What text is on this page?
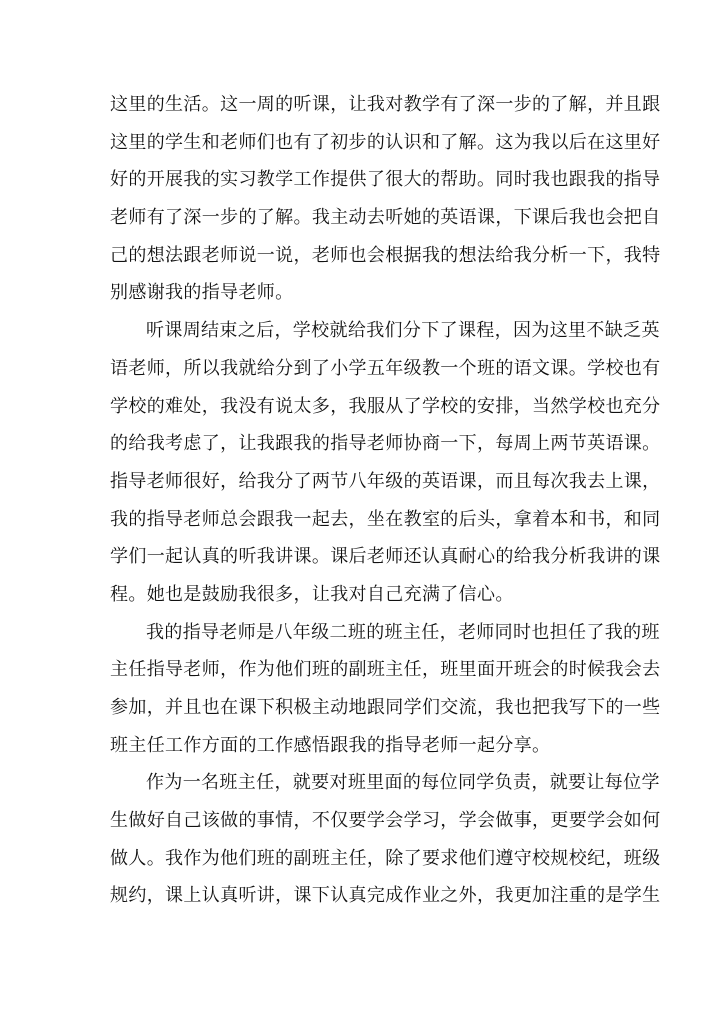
这里的生活。这一周的听课，让我对教学有了深一步的了解，并且跟
这里的学生和老师们也有了初步的认识和了解。这为我以后在这里好
好的开展我的实习教学工作提供了很大的帮助。同时我也跟我的指导
老师有了深一步的了解。我主动去听她的英语课，下课后我也会把自
己的想法跟老师说一说，老师也会根据我的想法给我分析一下，我特
别感谢我的指导老师。
听课周结束之后，学校就给我们分下了课程，因为这里不缺乏英
语老师，所以我就给分到了小学五年级教一个班的语文课。学校也有
学校的难处，我没有说太多，我服从了学校的安排，当然学校也充分
的给我考虑了，让我跟我的指导老师协商一下，每周上两节英语课。
指导老师很好，给我分了两节八年级的英语课，而且每次我去上课，
我的指导老师总会跟我一起去，坐在教室的后头，拿着本和书，和同
学们一起认真的听我讲课。课后老师还认真耐心的给我分析我讲的课
程。她也是鼓励我很多，让我对自己充满了信心。
我的指导老师是八年级二班的班主任，老师同时也担任了我的班
主任指导老师，作为他们班的副班主任，班里面开班会的时候我会去
参加，并且也在课下积极主动地跟同学们交流，我也把我写下的一些
班主任工作方面的工作感悟跟我的指导老师一起分享。
作为一名班主任，就要对班里面的每位同学负责，就要让每位学
生做好自己该做的事情，不仅要学会学习，学会做事，更要学会如何
做人。我作为他们班的副班主任，除了要求他们遵守校规校纪，班级
规约，课上认真听讲，课下认真完成作业之外，我更加注重的是学生
